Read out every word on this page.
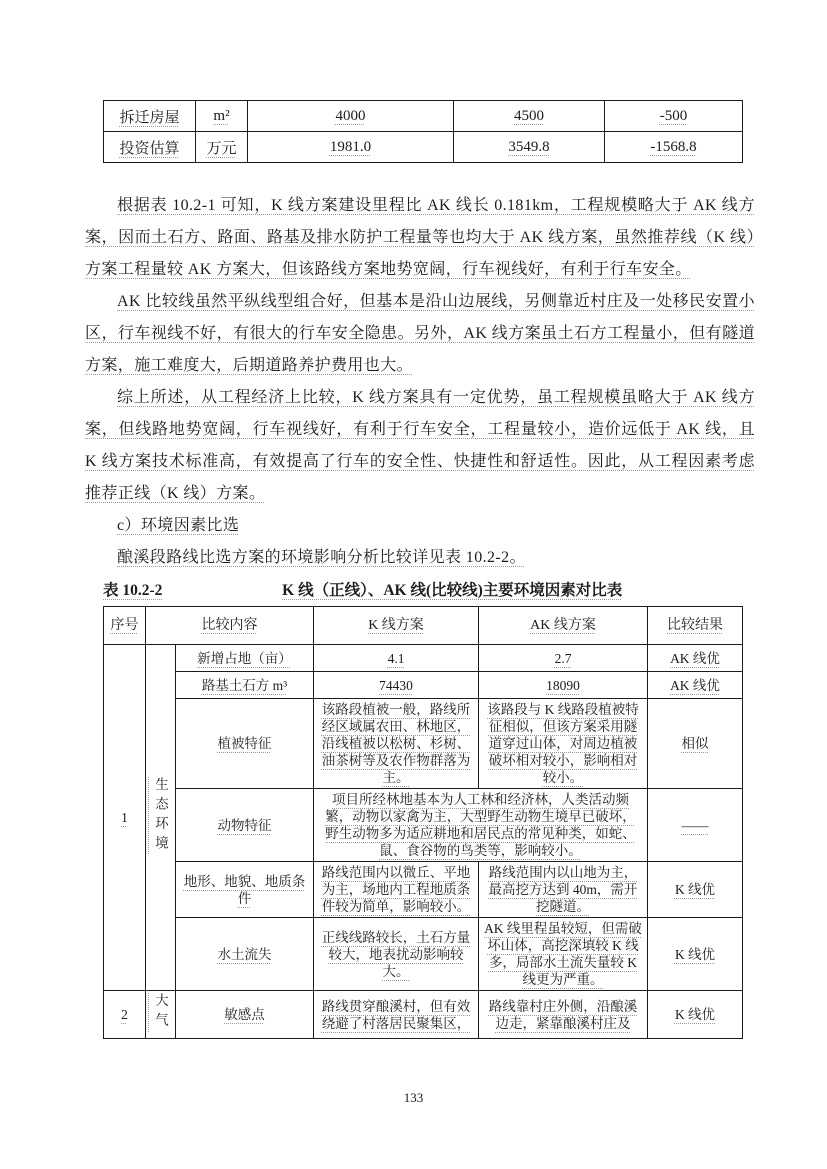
拆迁房屋	m²	4000	4500	-500
投资估算	万元	1981.0	3549.8	-1568.8

根据表 10.2-1 可知，K 线方案建设里程比 AK 线长 0.181km，工程规模略大于 AK 线方案，因而土石方、路面、路基及排水防护工程量等也均大于 AK 线方案，虽然推荐线（K 线）方案工程量较 AK 方案大，但该路线方案地势宽阔，行车视线好，有利于行车安全。

AK 比较线虽然平纵线型组合好，但基本是沿山边展线，另侧靠近村庄及一处移民安置小区，行车视线不好，有很大的行车安全隐患。另外，AK 线方案虽土石方工程量小，但有隧道方案，施工难度大，后期道路养护费用也大。

综上所述，从工程经济上比较，K 线方案具有一定优势，虽工程规模虽略大于 AK 线方案，但线路地势宽阔，行车视线好，有利于行车安全，工程量较小，造价远低于 AK 线，且 K 线方案技术标准高，有效提高了行车的安全性、快捷性和舒适性。因此，从工程因素考虑推荐正线（K 线）方案。

c）环境因素比选

酿溪段路线比选方案的环境影响分析比较详见表 10.2-2。

表 10.2-2	K 线（正线）、AK 线(比较线)主要环境因素对比表
序号	比较内容		K 线方案	AK 线方案	比较结果
1	生态环境	新增占地（亩）	4.1	2.7	AK 线优
		路基土石方 m³	74430	18090	AK 线优
		植被特征	该路段植被一般，路线所经区域属农田、林地区，沿线植被以松树、杉树、油茶树等及农作物群落为主。	该路段与 K 线路段植被特征相似，但该方案采用隧道穿过山体，对周边植被破坏相对较小，影响相对较小。	相似
		动物特征	项目所经林地基本为人工林和经济林，人类活动频繁，动物以家禽为主，大型野生动物生境早已破坏，野生动物多为适应耕地和居民点的常见种类，如蛇、鼠、食谷物的鸟类等，影响较小。		——
		地形、地貌、地质条件	路线范围内以微丘、平地为主，场地内工程地质条件较为简单，影响较小。	路线范围内以山地为主，最高挖方达到 40m，需开挖隧道。	K 线优
		水土流失	正线线路较长，土石方量较大，地表扰动影响较大。	AK 线里程虽较短，但需破坏山体，高挖深填较 K 线多，局部水土流失量较 K 线更为严重。	K 线优
2	大气	敏感点	路线贯穿酿溪村，但有效绕避了村落居民聚集区，	路线靠村庄外侧，沿酿溪边走，紧靠酿溪村庄及	K 线优
133
